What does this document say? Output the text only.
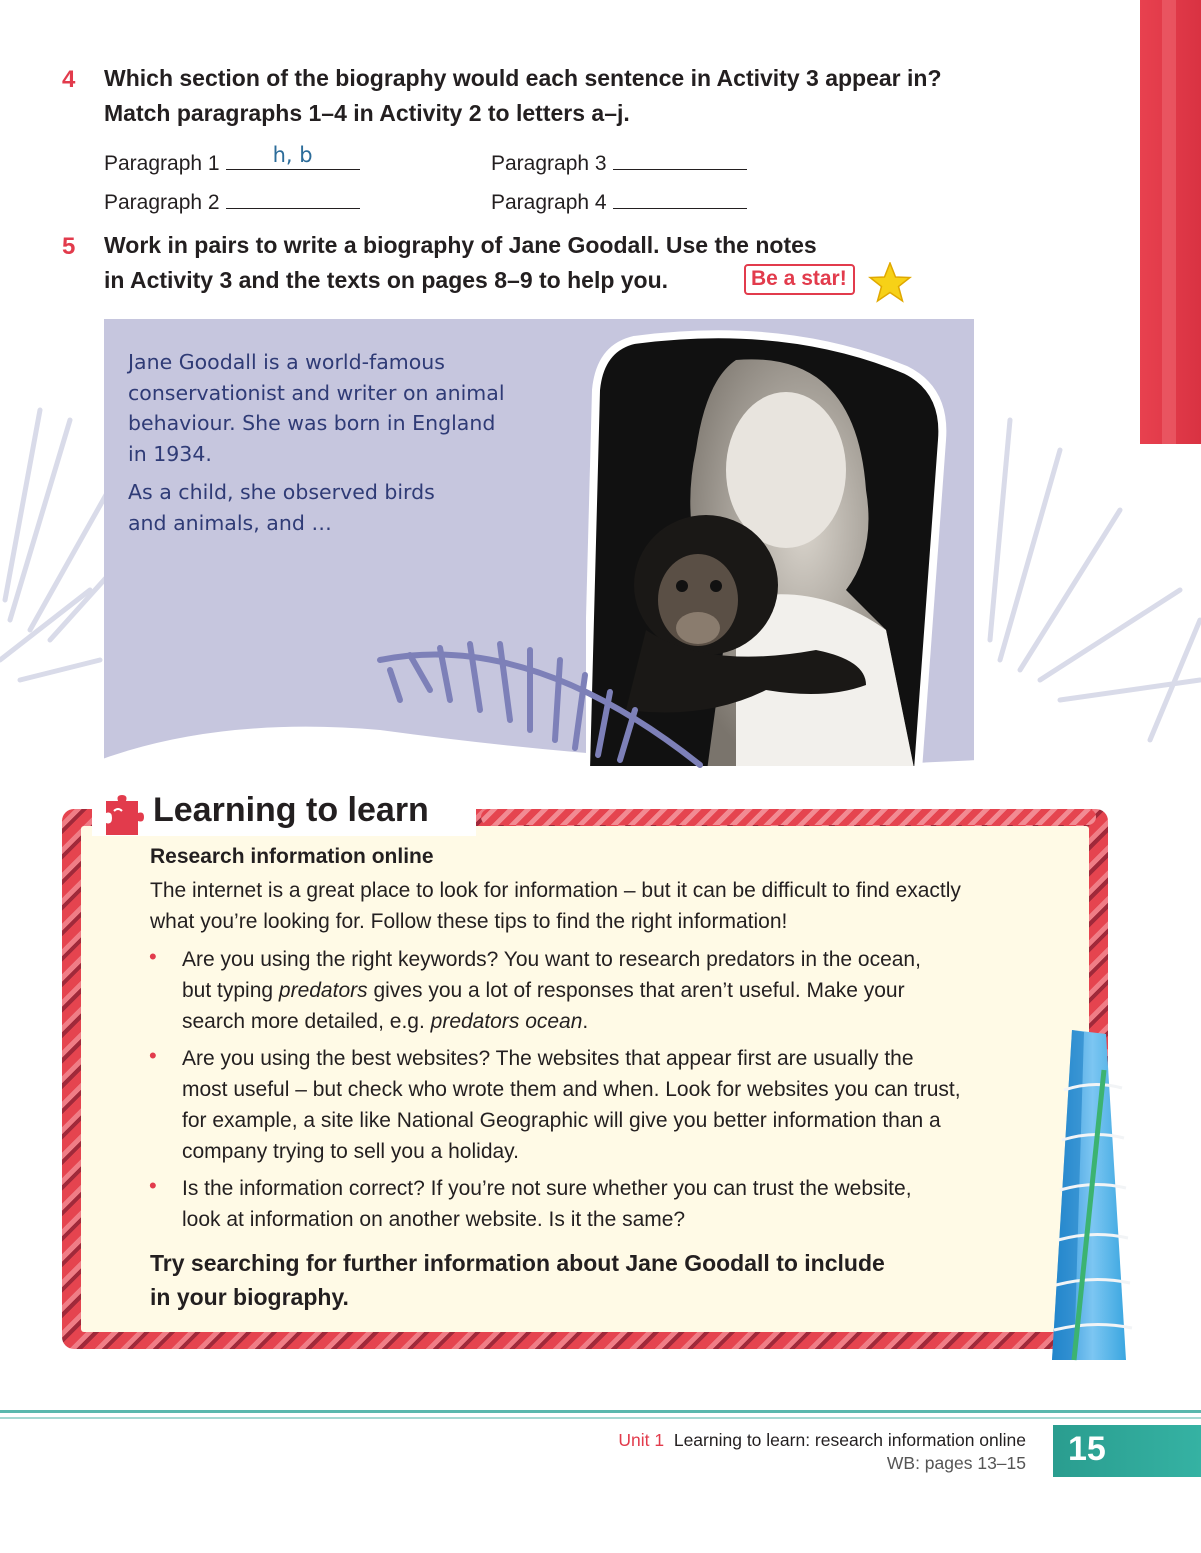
4 Which section of the biography would each sentence in Activity 3 appear in?
Match paragraphs 1–4 in Activity 2 to letters a–j.
Paragraph 1	h, b
Paragraph 2
Paragraph 3
Paragraph 4
5 Work in pairs to write a biography of Jane Goodall. Use the notes
in Activity 3 and the texts on pages 8–9 to help you.	Be a star!
Jane Goodall is a world-famous
conservationist and writer on animal
behaviour. She was born in England
in 1934.
As a child, she observed birds
and animals, and …
Learning to learn
Research information online
The internet is a great place to look for information – but it can be difficult to find exactly
what you’re looking for. Follow these tips to find the right information!
• Are you using the right keywords? You want to research predators in the ocean,
but typing predators gives you a lot of responses that aren’t useful. Make your
search more detailed, e.g. predators ocean.
• Are you using the best websites? The websites that appear first are usually the
most useful – but check who wrote them and when. Look for websites you can trust,
for example, a site like National Geographic will give you better information than a
company trying to sell you a holiday.
• Is the information correct? If you’re not sure whether you can trust the website,
look at information on another website. Is it the same?
Try searching for further information about Jane Goodall to include
in your biography.
Unit 1 Learning to learn: research information online
WB: pages 13–15 15
